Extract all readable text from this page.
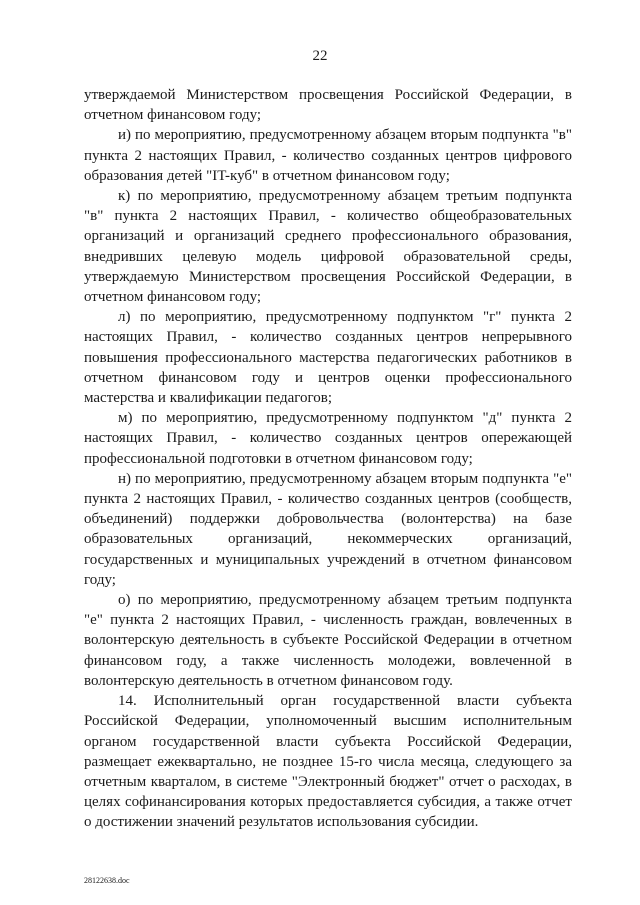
22

утверждаемой Министерством просвещения Российской Федерации, в отчетном финансовом году;

и) по мероприятию, предусмотренному абзацем вторым подпункта "в" пункта 2 настоящих Правил, - количество созданных центров цифрового образования детей "IT-куб" в отчетном финансовом году;

к) по мероприятию, предусмотренному абзацем третьим подпункта "в" пункта 2 настоящих Правил, - количество общеобразовательных организаций и организаций среднего профессионального образования, внедривших целевую модель цифровой образовательной среды, утверждаемую Министерством просвещения Российской Федерации, в отчетном финансовом году;

л) по мероприятию, предусмотренному подпунктом "г" пункта 2 настоящих Правил, - количество созданных центров непрерывного повышения профессионального мастерства педагогических работников в отчетном финансовом году и центров оценки профессионального мастерства и квалификации педагогов;

м) по мероприятию, предусмотренному подпунктом "д" пункта 2 настоящих Правил, - количество созданных центров опережающей профессиональной подготовки в отчетном финансовом году;

н) по мероприятию, предусмотренному абзацем вторым подпункта "е" пункта 2 настоящих Правил, - количество созданных центров (сообществ, объединений) поддержки добровольчества (волонтерства) на базе образовательных организаций, некоммерческих организаций, государственных и муниципальных учреждений в отчетном финансовом году;

о) по мероприятию, предусмотренному абзацем третьим подпункта "е" пункта 2 настоящих Правил, - численность граждан, вовлеченных в волонтерскую деятельность в субъекте Российской Федерации в отчетном финансовом году, а также численность молодежи, вовлеченной в волонтерскую деятельность в отчетном финансовом году.

14. Исполнительный орган государственной власти субъекта Российской Федерации, уполномоченный высшим исполнительным органом государственной власти субъекта Российской Федерации, размещает ежеквартально, не позднее 15-го числа месяца, следующего за отчетным кварталом, в системе "Электронный бюджет" отчет о расходах, в целях софинансирования которых предоставляется субсидия, а также отчет о достижении значений результатов использования субсидии.

28122638.doc
